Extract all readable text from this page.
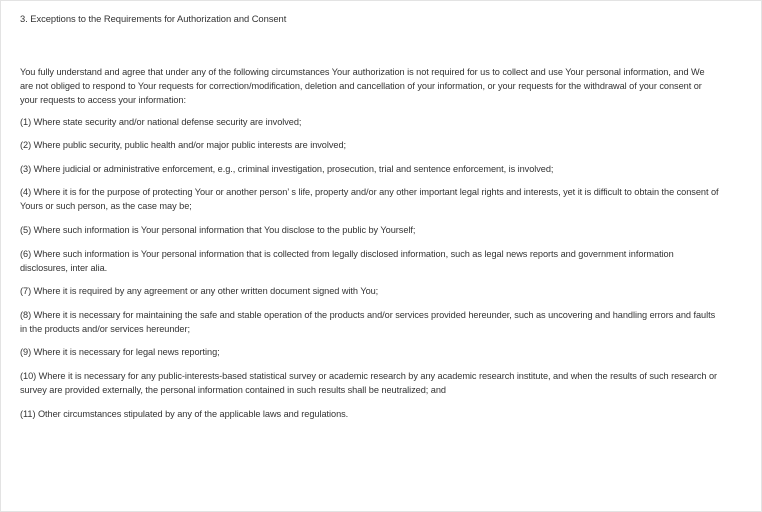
3. Exceptions to the Requirements for Authorization and Consent

You fully understand and agree that under any of the following circumstances Your authorization is not required for us to collect and use Your personal information, and We are not obliged to respond to Your requests for correction/modification, deletion and cancellation of your information, or your requests for the withdrawal of your consent or your requests to access your information:

(1) Where state security and/or national defense security are involved;
(2) Where public security, public health and/or major public interests are involved;
(3) Where judicial or administrative enforcement, e.g., criminal investigation, prosecution, trial and sentence enforcement, is involved;
(4) Where it is for the purpose of protecting Your or another person’ s life, property and/or any other important legal rights and interests, yet it is difficult to obtain the consent of Yours or such person, as the case may be;
(5) Where such information is Your personal information that You disclose to the public by Yourself;
(6) Where such information is Your personal information that is collected from legally disclosed information, such as legal news reports and government information disclosures, inter alia.
(7) Where it is required by any agreement or any other written document signed with You;
(8) Where it is necessary for maintaining the safe and stable operation of the products and/or services provided hereunder, such as uncovering and handling errors and faults in the products and/or services hereunder;
(9) Where it is necessary for legal news reporting;
(10) Where it is necessary for any public-interests-based statistical survey or academic research by any academic research institute, and when the results of such research or survey are provided externally, the personal information contained in such results shall be neutralized; and
(11) Other circumstances stipulated by any of the applicable laws and regulations.
